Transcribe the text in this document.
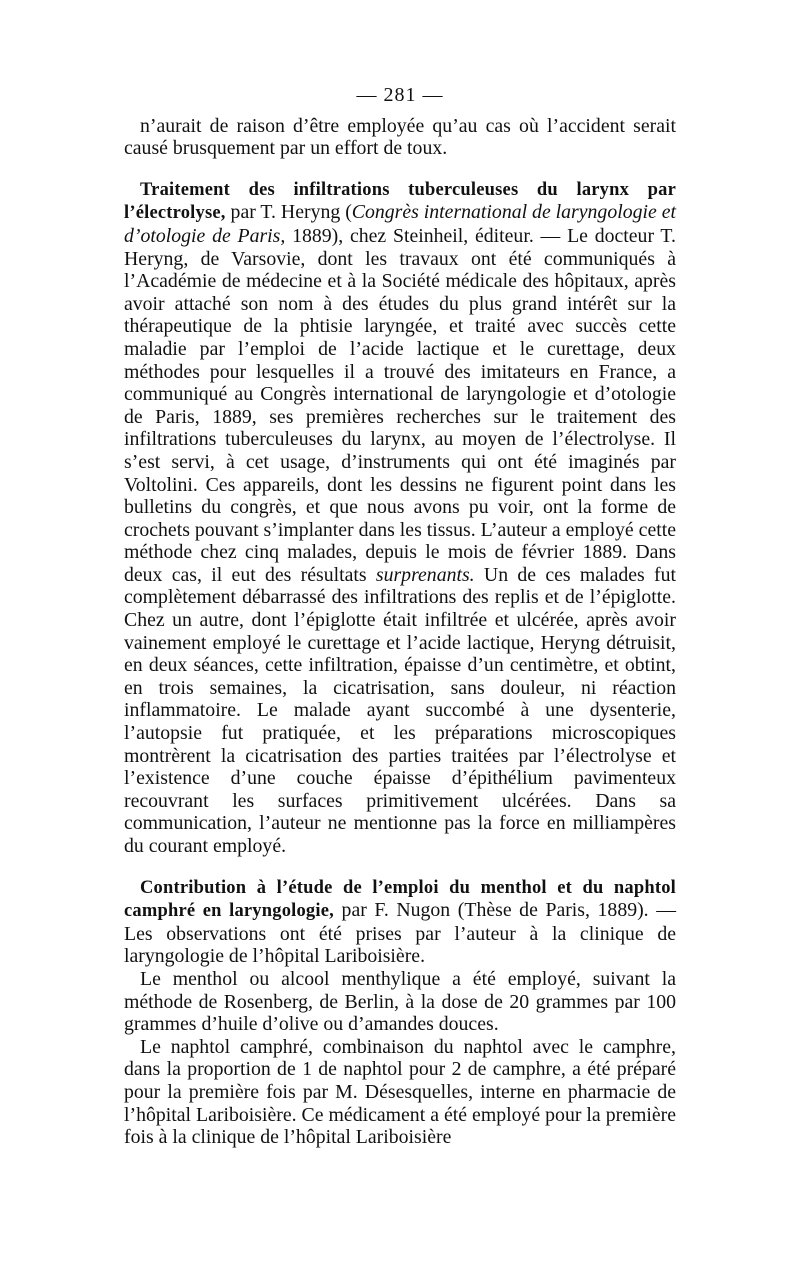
— 281 —

n’aurait de raison d’être employée qu’au cas où l’accident serait causé brusquement par un effort de toux.

Traitement des infiltrations tuberculeuses du larynx par l’électrolyse, par T. Heryng (Congrès international de laryngologie et d’otologie de Paris, 1889), chez Steinheil, éditeur. — Le docteur T. Heryng, de Varsovie, dont les travaux ont été communiqués à l’Académie de médecine et à la Société médicale des hôpitaux, après avoir attaché son nom à des études du plus grand intérêt sur la thérapeutique de la phtisie laryngée, et traité avec succès cette maladie par l’emploi de l’acide lactique et le curettage, deux méthodes pour lesquelles il a trouvé des imitateurs en France, a communiqué au Congrès international de laryngologie et d’otologie de Paris, 1889, ses premières recherches sur le traitement des infiltrations tuberculeuses du larynx, au moyen de l’électrolyse. Il s’est servi, à cet usage, d’instruments qui ont été imaginés par Voltolini. Ces appareils, dont les dessins ne figurent point dans les bulletins du congrès, et que nous avons pu voir, ont la forme de crochets pouvant s’implanter dans les tissus. L’auteur a employé cette méthode chez cinq malades, depuis le mois de février 1889. Dans deux cas, il eut des résultats surprenants. Un de ces malades fut complètement débarrassé des infiltrations des replis et de l’épiglotte. Chez un autre, dont l’épiglotte était infiltrée et ulcérée, après avoir vainement employé le curettage et l’acide lactique, Heryng détruisit, en deux séances, cette infiltration, épaisse d’un centimètre, et obtint, en trois semaines, la cicatrisation, sans douleur, ni réaction inflammatoire. Le malade ayant succombé à une dysenterie, l’autopsie fut pratiquée, et les préparations microscopiques montrèrent la cicatrisation des parties traitées par l’électrolyse et l’existence d’une couche épaisse d’épithélium pavimenteux recouvrant les surfaces primitivement ulcérées. Dans sa communication, l’auteur ne mentionne pas la force en milliampères du courant employé.

Contribution à l’étude de l’emploi du menthol et du naphtol camphré en laryngologie, par F. Nugon (Thèse de Paris, 1889). — Les observations ont été prises par l’auteur à la clinique de laryngologie de l’hôpital Lariboisière.

Le menthol ou alcool menthylique a été employé, suivant la méthode de Rosenberg, de Berlin, à la dose de 20 grammes par 100 grammes d’huile d’olive ou d’amandes douces.

Le naphtol camphré, combinaison du naphtol avec le camphre, dans la proportion de 1 de naphtol pour 2 de camphre, a été préparé pour la première fois par M. Désesquelles, interne en pharmacie de l’hôpital Lariboisière. Ce médicament a été employé pour la première fois à la clinique de l’hôpital Lariboisière
